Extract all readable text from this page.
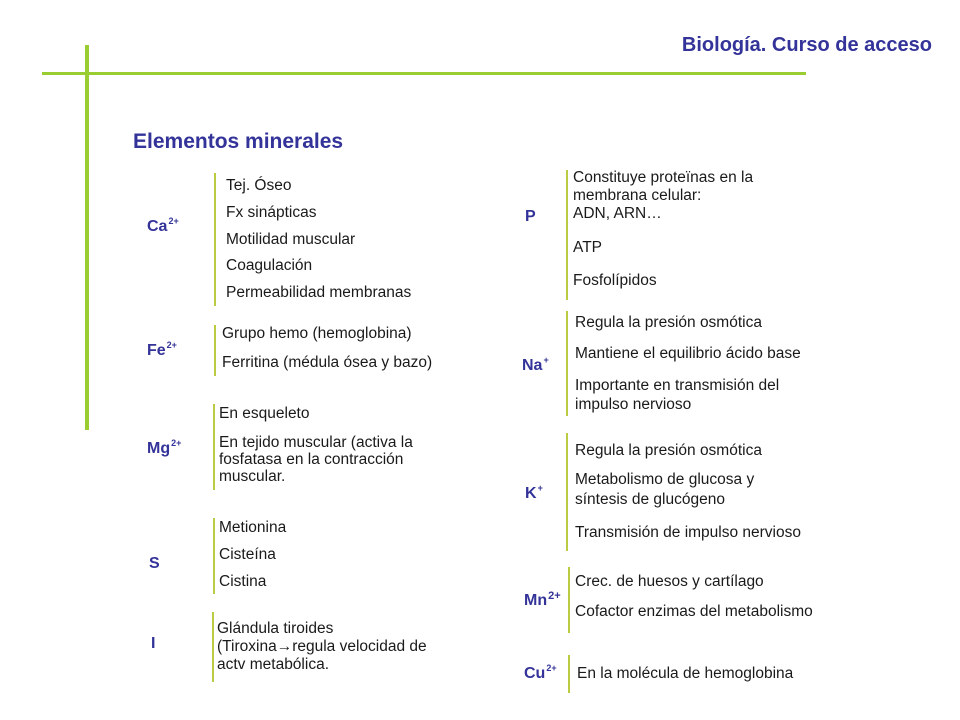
Biología. Curso de acceso
Elementos minerales
$Ca^{2+}$
Tej. Óseo
Fx sinápticas
Motilidad muscular
Coagulación
Permeabilidad membranas
$Fe^{2+}$
Grupo hemo (hemoglobina)
Ferritina (médula ósea y bazo)
$Mg^{2+}$
En esqueleto
En tejido muscular (activa la
fosfatasa en la contracción
muscular.
S
Metionina
Cisteína
Cistina
I
Glándula tiroides
(Tiroxina→regula velocidad de
actv metabólica.
P
Constituye proteïnas en la
membrana celular:
ADN, ARN…
ATP
Fosfolípidos
Na+
Regula la presión osmótica
Mantiene el equilibrio ácido base
Importante en transmisión del
impulso nervioso
K+
Regula la presión osmótica
Metabolismo de glucosa y
síntesis de glucógeno
Transmisión de impulso nervioso
$Mn^{2+}$
Crec. de huesos y cartílago
Cofactor enzimas del metabolismo
$Cu^{2+}$ En la molécula de hemoglobina
